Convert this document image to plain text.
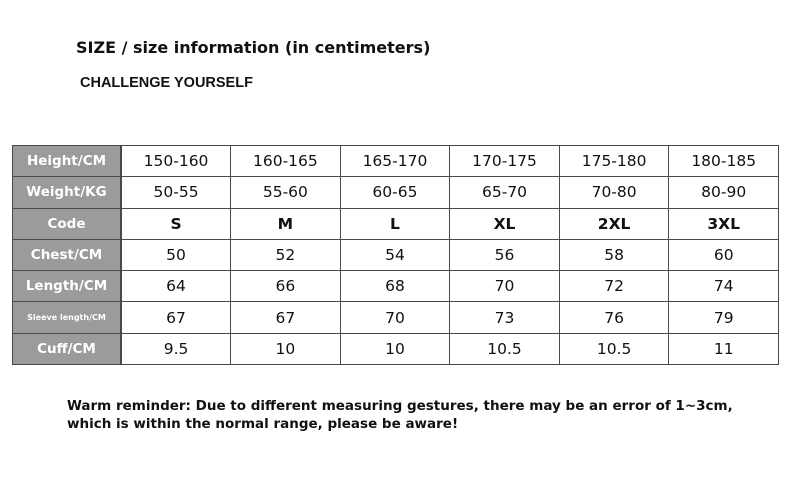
SIZE / size information (in centimeters)
CHALLENGE YOURSELF
Height/CM	150-160	160-165	165-170	170-175	175-180	180-185
Weight/KG	50-55	55-60	60-65	65-70	70-80	80-90
Code	S	M	L	XL	2XL	3XL
Chest/CM	50	52	54	56	58	60
Length/CM	64	66	68	70	72	74
Sleeve length/CM	67	67	70	73	76	79
Cuff/CM	9.5	10	10	10.5	10.5	11
Warm reminder: Due to different measuring gestures, there may be an error of 1~3cm, which is within the normal range, please be aware!
